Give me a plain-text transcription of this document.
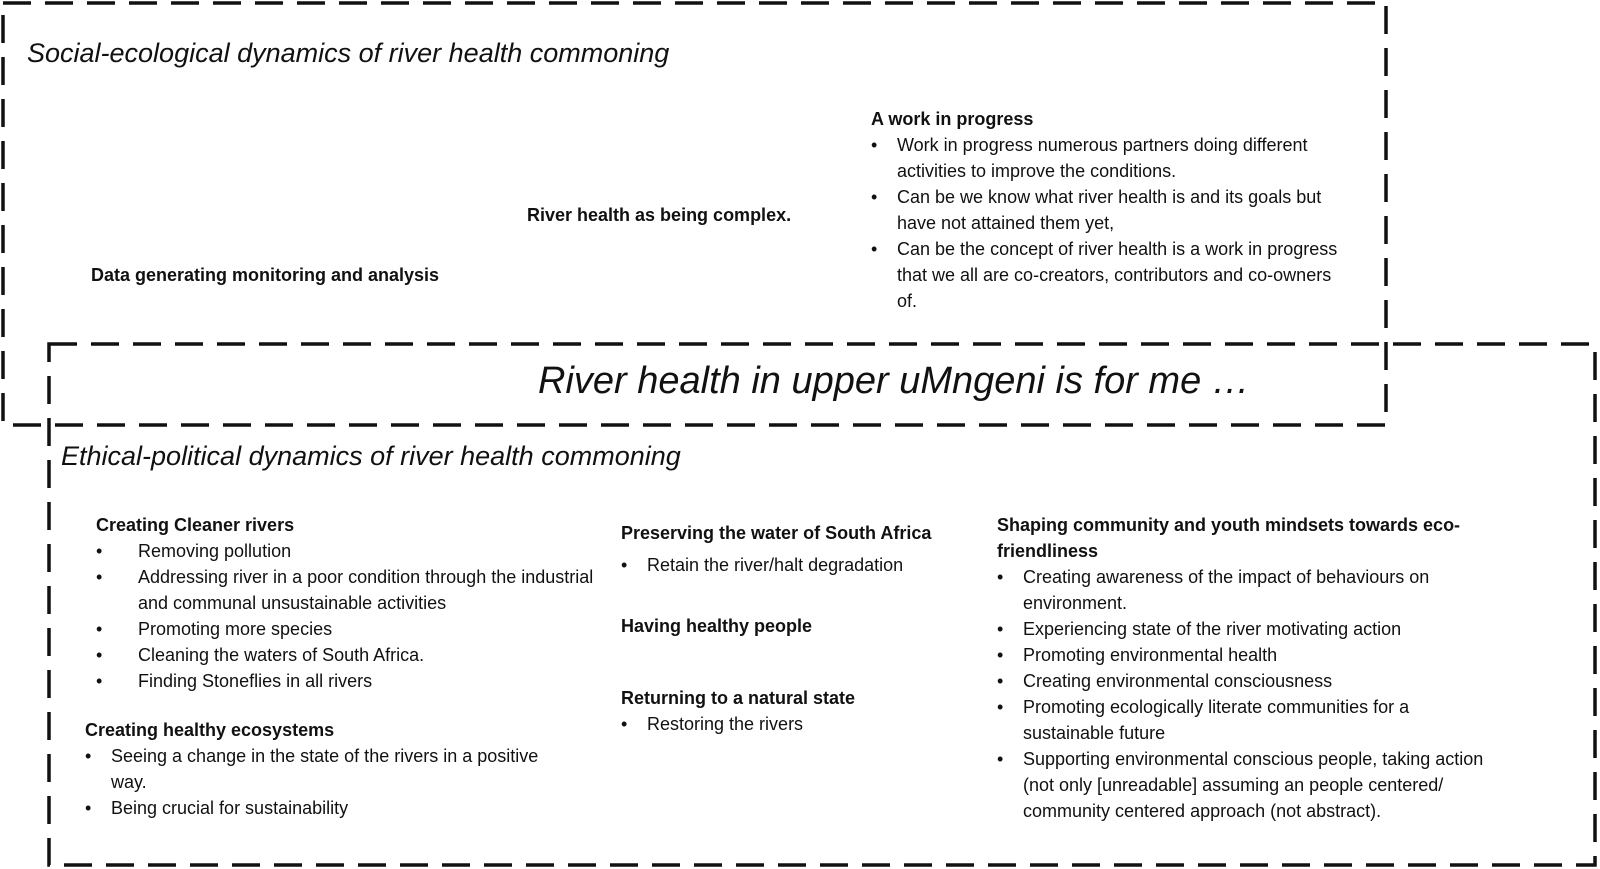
Social-ecological dynamics of river health commoning
Data generating monitoring and analysis
River health as being complex.
A work in progress
• Work in progress numerous partners doing different activities to improve the conditions.
• Can be we know what river health is and its goals but have not attained them yet,
• Can be the concept of river health is a work in progress that we all are co-creators, contributors and co-owners of.
River health in upper uMngeni is for me …
Ethical-political dynamics of river health commoning
Creating Cleaner rivers
• Removing pollution
• Addressing river in a poor condition through the industrial and communal unsustainable activities
• Promoting more species
• Cleaning the waters of South Africa.
• Finding Stoneflies in all rivers
Creating healthy ecosystems
• Seeing a change in the state of the rivers in a positive way.
• Being crucial for sustainability
Preserving the water of South Africa
• Retain the river/halt degradation
Having healthy people
Returning to a natural state
• Restoring the rivers
Shaping community and youth mindsets towards eco-friendliness
• Creating awareness of the impact of behaviours on environment.
• Experiencing state of the river motivating action
• Promoting environmental health
• Creating environmental consciousness
• Promoting ecologically literate communities for a sustainable future
• Supporting environmental conscious people, taking action (not only [unreadable] assuming an people centered/ community centered approach (not abstract).
